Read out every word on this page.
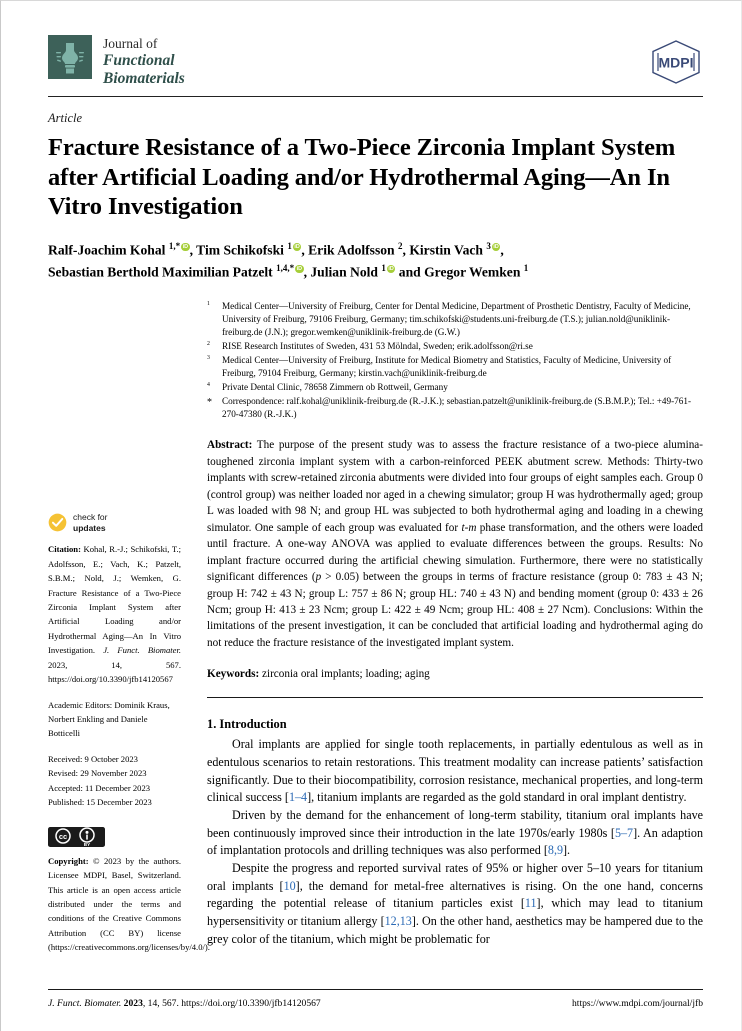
Journal of
Functional
Biomaterials
MDPI
Article
Fracture Resistance of a Two-Piece Zirconia Implant System after Artificial Loading and/or Hydrothermal Aging—An In Vitro Investigation
Ralf-Joachim Kohal $^{1,*}$ iD , Tim Schikofski $^1$ iD , Erik Adolfsson $^2$, Kirstin Vach $^3$ iD ,
Sebastian Berthold Maximilian Patzelt $^{1,4,*}$ iD , Julian Nold $^1$iD and Gregor Wemken $^1$
$^1$	Medical Center—University of Freiburg, Center for Dental Medicine, Department of Prosthetic Dentistry, Faculty of Medicine, University of Freiburg, 79106 Freiburg, Germany; tim.schikofski@students.uni-freiburg.de (T.S.); julian.nold@uniklinik-freiburg.de (J.N.); gregor.wemken@uniklinik-freiburg.de (G.W.)
$^2$	RISE Research Institutes of Sweden, 431 53 Mölndal, Sweden; erik.adolfsson@ri.se
$^3$	Medical Center—University of Freiburg, Institute for Medical Biometry and Statistics, Faculty of Medicine, University of Freiburg, 79104 Freiburg, Germany; kirstin.vach@uniklinik-freiburg.de
$^4$	Private Dental Clinic, 78658 Zimmern ob Rottweil, Germany
*	Correspondence: ralf.kohal@uniklinik-freiburg.de (R.-J.K.); sebastian.patzelt@uniklinik-freiburg.de (S.B.M.P.); Tel.: +49-761-270-47380 (R.-J.K.)
check for
updates
Citation: Kohal, R.-J.; Schikofski, T.; Adolfsson, E.; Vach, K.; Patzelt, S.B.M.; Nold, J.; Wemken, G. Fracture Resistance of a Two-Piece Zirconia Implant System after Artificial Loading and/or Hydrothermal Aging—An In Vitro Investigation. J. Funct. Biomater. 2023, 14, 567. https://doi.org/10.3390/jfb14120567
Academic Editors: Dominik Kraus, Norbert Enkling and Daniele Botticelli
Received: 9 October 2023
Revised: 29 November 2023
Accepted: 11 December 2023
Published: 15 December 2023
cc
BY
Copyright: © 2023 by the authors. Licensee MDPI, Basel, Switzerland. This article is an open access article distributed under the terms and conditions of the Creative Commons Attribution (CC BY) license (https://creativecommons.org/licenses/by/4.0/).
Abstract: The purpose of the present study was to assess the fracture resistance of a two-piece alumina-toughened zirconia implant system with a carbon-reinforced PEEK abutment screw. Methods: Thirty-two implants with screw-retained zirconia abutments were divided into four groups of eight samples each. Group 0 (control group) was neither loaded nor aged in a chewing simulator; group H was hydrothermally aged; group L was loaded with 98 N; and group HL was subjected to both hydrothermal aging and loading in a chewing simulator. One sample of each group was evaluated for t-m phase transformation, and the others were loaded until fracture. A one-way ANOVA was applied to evaluate differences between the groups. Results: No implant fracture occurred during the artificial chewing simulation. Furthermore, there were no statistically significant differences (p > 0.05) between the groups in terms of fracture resistance (group 0: 783 ± 43 N; group H: 742 ± 43 N; group L: 757 ± 86 N; group HL: 740 ± 43 N) and bending moment (group 0: 433 ± 26 Ncm; group H: 413 ± 23 Ncm; group L: 422 ± 49 Ncm; group HL: 408 ± 27 Ncm). Conclusions: Within the limitations of the present investigation, it can be concluded that artificial loading and hydrothermal aging do not reduce the fracture resistance of the investigated implant system.
Keywords: zirconia oral implants; loading; aging
1. Introduction
Oral implants are applied for single tooth replacements, in partially edentulous as well as in edentulous scenarios to retain restorations. This treatment modality can increase patients’ satisfaction significantly. Due to their biocompatibility, corrosion resistance, mechanical properties, and long-term clinical success [1–4], titanium implants are regarded as the gold standard in oral implant dentistry.
Driven by the demand for the enhancement of long-term stability, titanium oral implants have been continuously improved since their introduction in the late 1970s/early 1980s [5–7]. An adaption of implantation protocols and drilling techniques was also performed [8,9].
Despite the progress and reported survival rates of 95% or higher over 5–10 years for titanium oral implants [10], the demand for metal-free alternatives is rising. On the one hand, concerns regarding the potential release of titanium particles exist [11], which may lead to titanium hypersensitivity or titanium allergy [12,13]. On the other hand, aesthetics may be hampered due to the grey color of the titanium, which might be problematic for
J. Funct. Biomater. 2023, 14, 567. https://doi.org/10.3390/jfb14120567	https://www.mdpi.com/journal/jfb
